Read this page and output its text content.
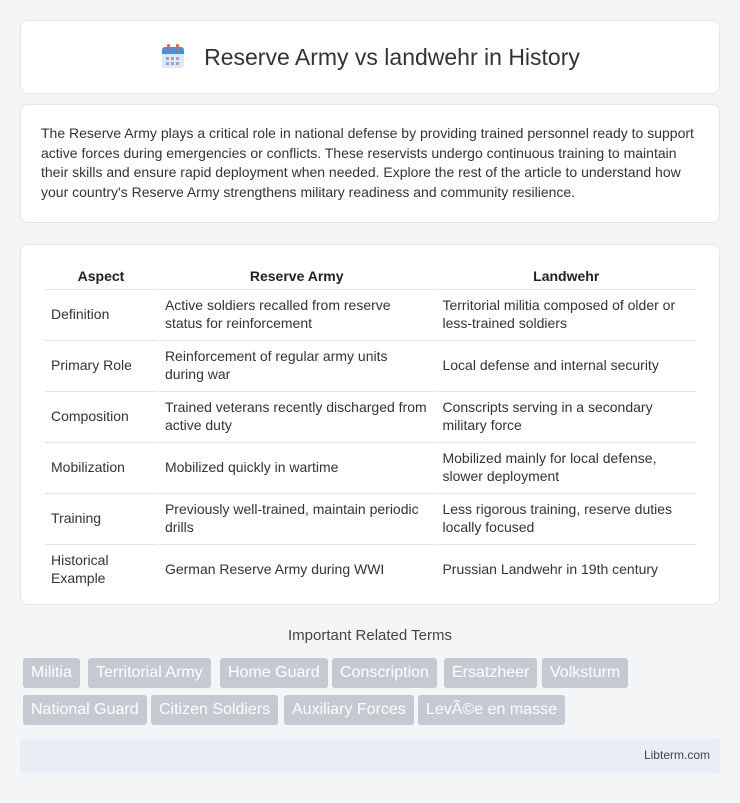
Reserve Army vs landwehr in History

The Reserve Army plays a critical role in national defense by providing trained personnel ready to support active forces during emergencies or conflicts. These reservists undergo continuous training to maintain their skills and ensure rapid deployment when needed. Explore the rest of the article to understand how your country's Reserve Army strengthens military readiness and community resilience.

Aspect	Reserve Army	Landwehr
Definition	Active soldiers recalled from reserve status for reinforcement	Territorial militia composed of older or less-trained soldiers
Primary Role	Reinforcement of regular army units during war	Local defense and internal security
Composition	Trained veterans recently discharged from active duty	Conscripts serving in a secondary military force
Mobilization	Mobilized quickly in wartime	Mobilized mainly for local defense, slower deployment
Training	Previously well-trained, maintain periodic drills	Less rigorous training, reserve duties locally focused
Historical Example	German Reserve Army during WWI	Prussian Landwehr in 19th century
Important Related Terms
Militia	Territorial Army	Home Guard	Conscription	Ersatzheer	Volksturm
National Guard	Citizen Soldiers	Auxiliary Forces	LevÃ©e en masse
Libterm.com
